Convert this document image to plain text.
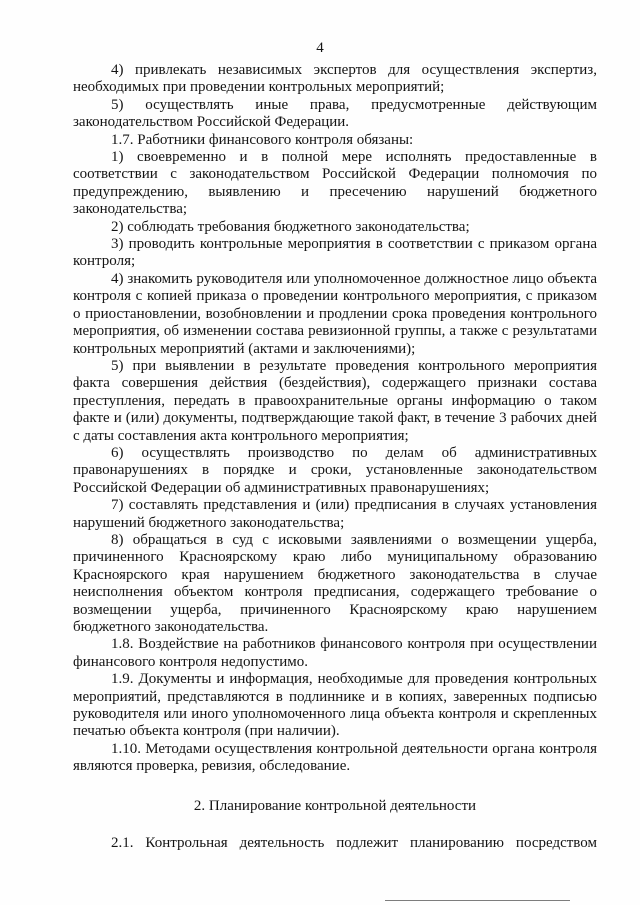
4

4) привлекать независимых экспертов для осуществления экспертиз, необходимых при проведении контрольных мероприятий;

5) осуществлять иные права, предусмотренные действующим законодательством Российской Федерации.

1.7. Работники финансового контроля обязаны:

1) своевременно и в полной мере исполнять предоставленные в соответствии с законодательством Российской Федерации полномочия по предупреждению, выявлению и пресечению нарушений бюджетного законодательства;

2) соблюдать требования бюджетного законодательства;

3) проводить контрольные мероприятия в соответствии с приказом органа контроля;

4) знакомить руководителя или уполномоченное должностное лицо объекта контроля с копией приказа о проведении контрольного мероприятия, с приказом о приостановлении, возобновлении и продлении срока проведения контрольного мероприятия, об изменении состава ревизионной группы, а также с результатами контрольных мероприятий (актами и заключениями);

5) при выявлении в результате проведения контрольного мероприятия факта совершения действия (бездействия), содержащего признаки состава преступления, передать в правоохранительные органы информацию о таком факте и (или) документы, подтверждающие такой факт, в течение 3 рабочих дней с даты составления акта контрольного мероприятия;

6) осуществлять производство по делам об административных правонарушениях в порядке и сроки, установленные законодательством Российской Федерации об административных правонарушениях;

7) составлять представления и (или) предписания в случаях установления нарушений бюджетного законодательства;

8) обращаться в суд с исковыми заявлениями о возмещении ущерба, причиненного Красноярскому краю либо муниципальному образованию Красноярского края нарушением бюджетного законодательства в случае неисполнения объектом контроля предписания, содержащего требование о возмещении ущерба, причиненного Красноярскому краю нарушением бюджетного законодательства.

1.8. Воздействие на работников финансового контроля при осуществлении финансового контроля недопустимо.

1.9. Документы и информация, необходимые для проведения контрольных мероприятий, представляются в подлиннике и в копиях, заверенных подписью руководителя или иного уполномоченного лица объекта контроля и скрепленных печатью объекта контроля (при наличии).

1.10. Методами осуществления контрольной деятельности органа контроля являются проверка, ревизия, обследование.

2. Планирование контрольной деятельности

2.1. Контрольная деятельность подлежит планированию посредством
